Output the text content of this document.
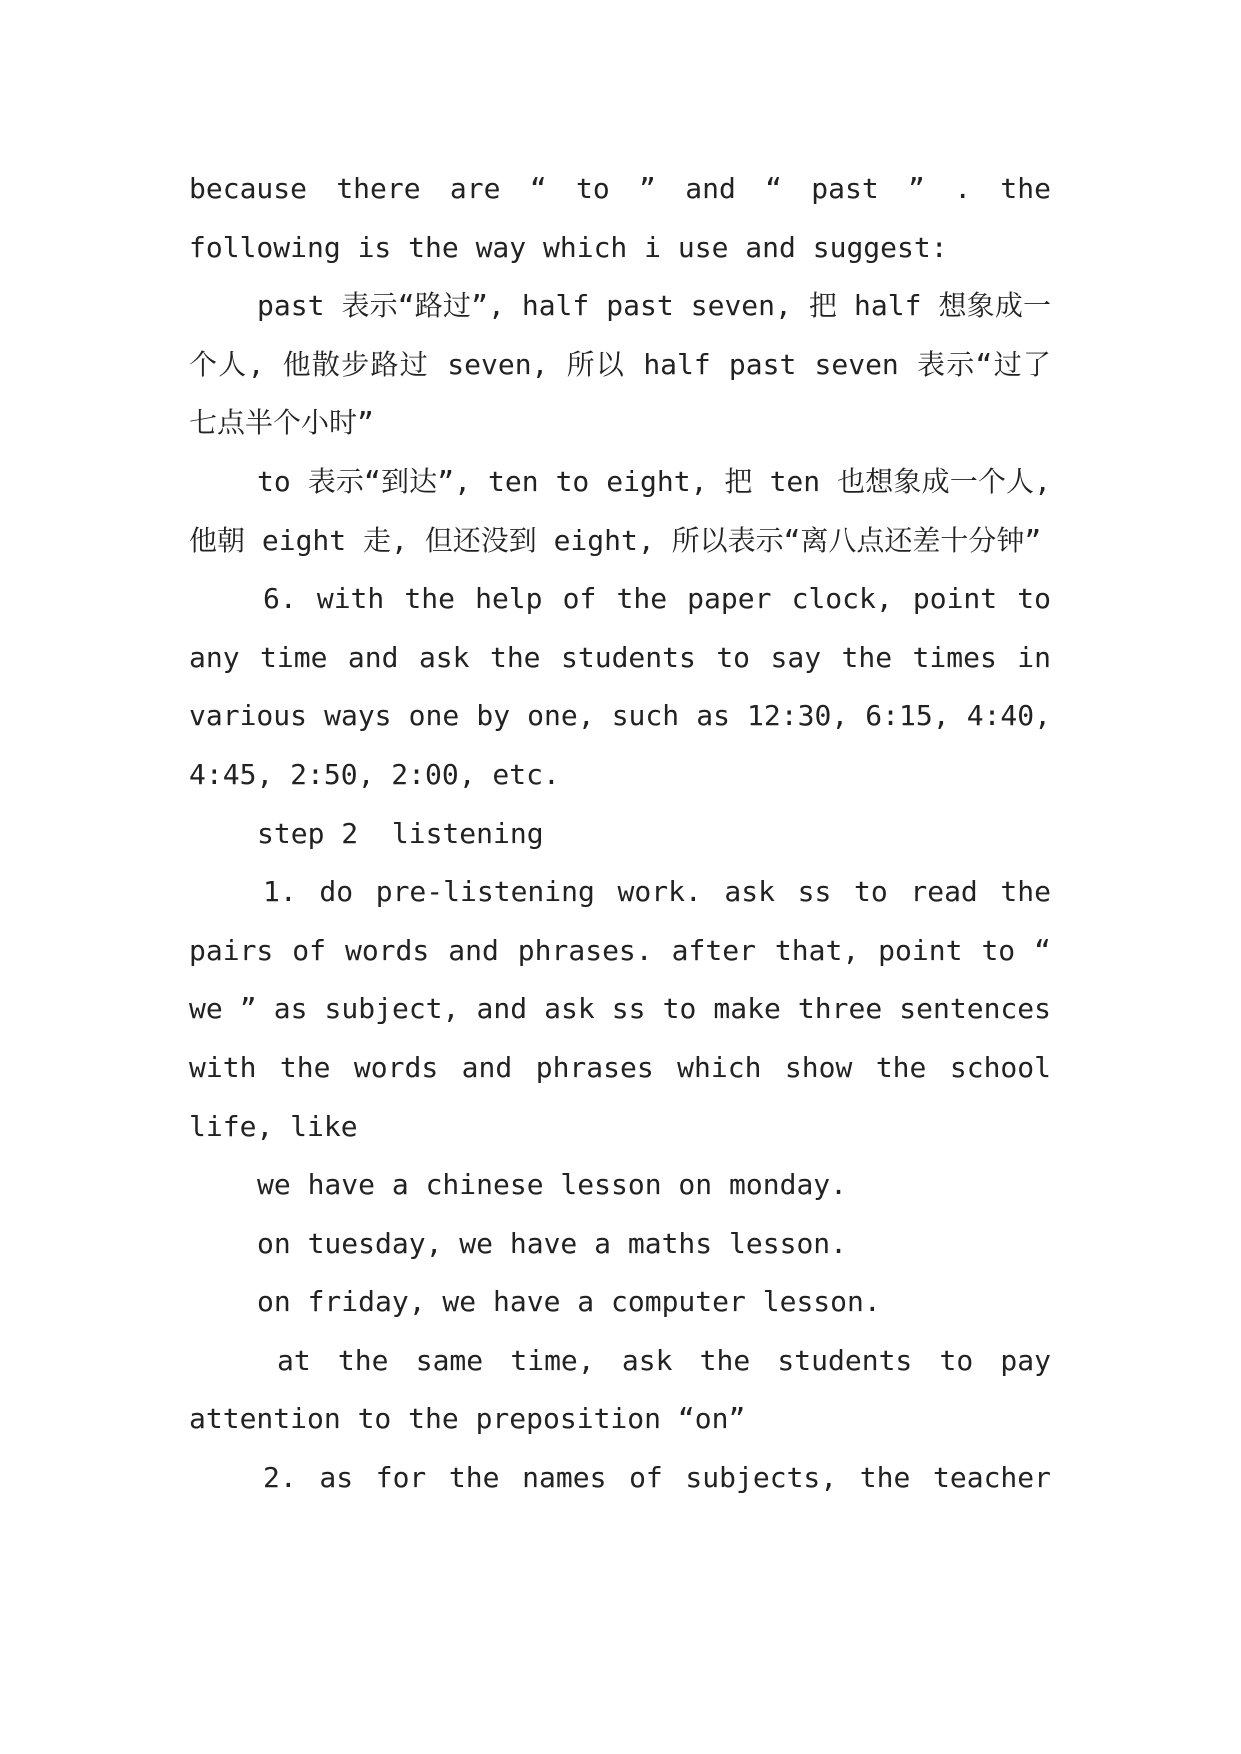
because there are “ to ” and “ past ” . the following is the way which i use and suggest:

past 表示“路过”, half past seven, 把 half 想象成一个人, 他散步路过 seven, 所以 half past seven 表示“过了七点半个小时”

to 表示“到达”, ten to eight, 把 ten 也想象成一个人, 他朝 eight 走, 但还没到 eight, 所以表示“离八点还差十分钟”

6. with the help of the paper clock, point to any time and ask the students to say the times in various ways one by one, such as 12:30, 6:15, 4:40, 4:45, 2:50, 2:00, etc.

step 2  listening

1. do pre-listening work. ask ss to read the pairs of words and phrases. after that, point to “ we ” as subject, and ask ss to make three sentences with the words and phrases which show the school life, like

we have a chinese lesson on monday.

on tuesday, we have a maths lesson.

on friday, we have a computer lesson.

at the same time, ask the students to pay attention to the preposition “on”

2. as for the names of subjects, the teacher
